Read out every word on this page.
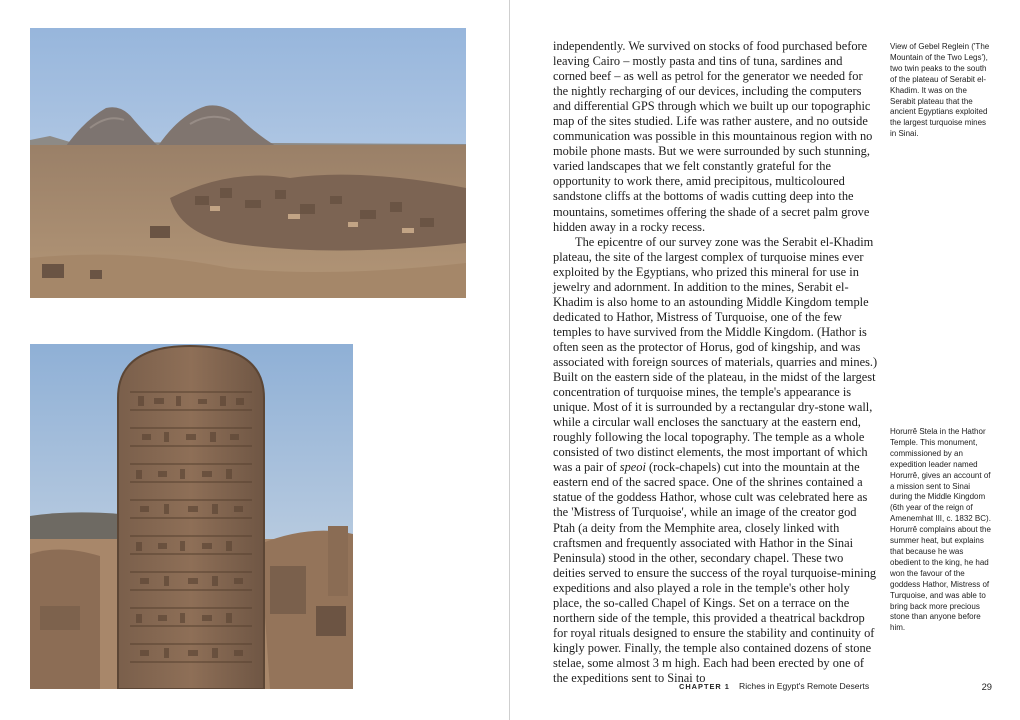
independently. We survived on stocks of food purchased before leaving Cairo – mostly pasta and tins of tuna, sardines and corned beef – as well as petrol for the generator we needed for the nightly recharging of our devices, including the computers and differential GPS through which we built up our topographic map of the sites studied. Life was rather austere, and no outside communication was possible in this mountainous region with no mobile phone masts. But we were surrounded by such stunning, varied landscapes that we felt constantly grateful for the opportunity to work there, amid precipitous, multicoloured sandstone cliffs at the bottoms of wadis cutting deep into the mountains, sometimes offering the shade of a secret palm grove hidden away in a rocky recess.

The epicentre of our survey zone was the Serabit el-Khadim plateau, the site of the largest complex of turquoise mines ever exploited by the Egyptians, who prized this mineral for use in jewelry and adornment. In addition to the mines, Serabit el-Khadim is also home to an astounding Middle Kingdom temple dedicated to Hathor, Mistress of Turquoise, one of the few temples to have survived from the Middle Kingdom. (Hathor is often seen as the protector of Horus, god of kingship, and was associated with foreign sources of materials, quarries and mines.) Built on the eastern side of the plateau, in the midst of the largest concentration of turquoise mines, the temple's appearance is unique. Most of it is surrounded by a rectangular dry-stone wall, while a circular wall encloses the sanctuary at the eastern end, roughly following the local topography. The temple as a whole consisted of two distinct elements, the most important of which was a pair of speoi (rock-chapels) cut into the mountain at the eastern end of the sacred space. One of the shrines contained a statue of the goddess Hathor, whose cult was celebrated here as the 'Mistress of Turquoise', while an image of the creator god Ptah (a deity from the Memphite area, closely linked with craftsmen and frequently associated with Hathor in the Sinai Peninsula) stood in the other, secondary chapel. These two deities served to ensure the success of the royal turquoise-mining expeditions and also played a role in the temple's other holy place, the so-called Chapel of Kings. Set on a terrace on the northern side of the temple, this provided a theatrical backdrop for royal rituals designed to ensure the stability and continuity of kingly power. Finally, the temple also contained dozens of stone stelae, some almost 3 m high. Each had been erected by one of the expeditions sent to Sinai to

View of Gebel Reglein ('The Mountain of the Two Legs'), two twin peaks to the south of the plateau of Serabit el-Khadim. It was on the Serabit plateau that the ancient Egyptians exploited the largest turquoise mines in Sinai.
Horurrê Stela in the Hathor Temple. This monument, commissioned by an expedition leader named Horurrê, gives an account of a mission sent to Sinai during the Middle Kingdom (6th year of the reign of Amenemhat III, c. 1832 BC). Horurrê complains about the summer heat, but explains that because he was obedient to the king, he had won the favour of the goddess Hathor, Mistress of Turquoise, and was able to bring back more precious stone than anyone before him.
CHAPTER 1 Riches in Egypt's Remote Deserts	29
